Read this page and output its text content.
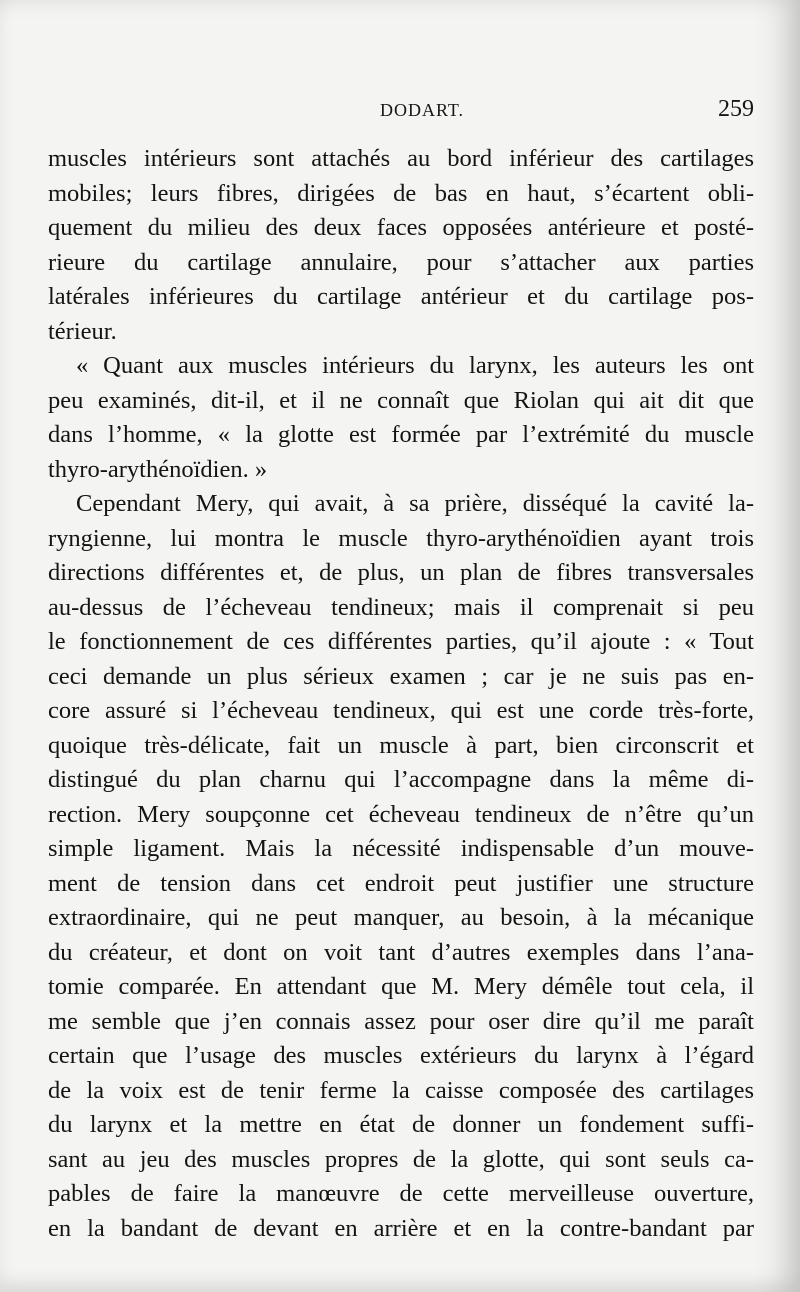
DODART.	259
muscles intérieurs sont attachés au bord inférieur des cartilages
mobiles; leurs fibres, dirigées de bas en haut, s’écartent obli-
quement du milieu des deux faces opposées antérieure et posté-
rieure du cartilage annulaire, pour s’attacher aux parties
latérales inférieures du cartilage antérieur et du cartilage pos-
térieur.
« Quant aux muscles intérieurs du larynx, les auteurs les ont
peu examinés, dit-il, et il ne connaît que Riolan qui ait dit que
dans l’homme, « la glotte est formée par l’extrémité du muscle
thyro-arythénoïdien. »
Cependant Mery, qui avait, à sa prière, disséqué la cavité la-
ryngienne, lui montra le muscle thyro-arythénoïdien ayant trois
directions différentes et, de plus, un plan de fibres transversales
au-dessus de l’écheveau tendineux; mais il comprenait si peu
le fonctionnement de ces différentes parties, qu’il ajoute : « Tout
ceci demande un plus sérieux examen ; car je ne suis pas en-
core assuré si l’écheveau tendineux, qui est une corde très-forte,
quoique très-délicate, fait un muscle à part, bien circonscrit et
distingué du plan charnu qui l’accompagne dans la même di-
rection. Mery soupçonne cet écheveau tendineux de n’être qu’un
simple ligament. Mais la nécessité indispensable d’un mouve-
ment de tension dans cet endroit peut justifier une structure
extraordinaire, qui ne peut manquer, au besoin, à la mécanique
du créateur, et dont on voit tant d’autres exemples dans l’ana-
tomie comparée. En attendant que M. Mery démêle tout cela, il
me semble que j’en connais assez pour oser dire qu’il me paraît
certain que l’usage des muscles extérieurs du larynx à l’égard
de la voix est de tenir ferme la caisse composée des cartilages
du larynx et la mettre en état de donner un fondement suffi-
sant au jeu des muscles propres de la glotte, qui sont seuls ca-
pables de faire la manœuvre de cette merveilleuse ouverture,
en la bandant de devant en arrière et en la contre-bandant par
